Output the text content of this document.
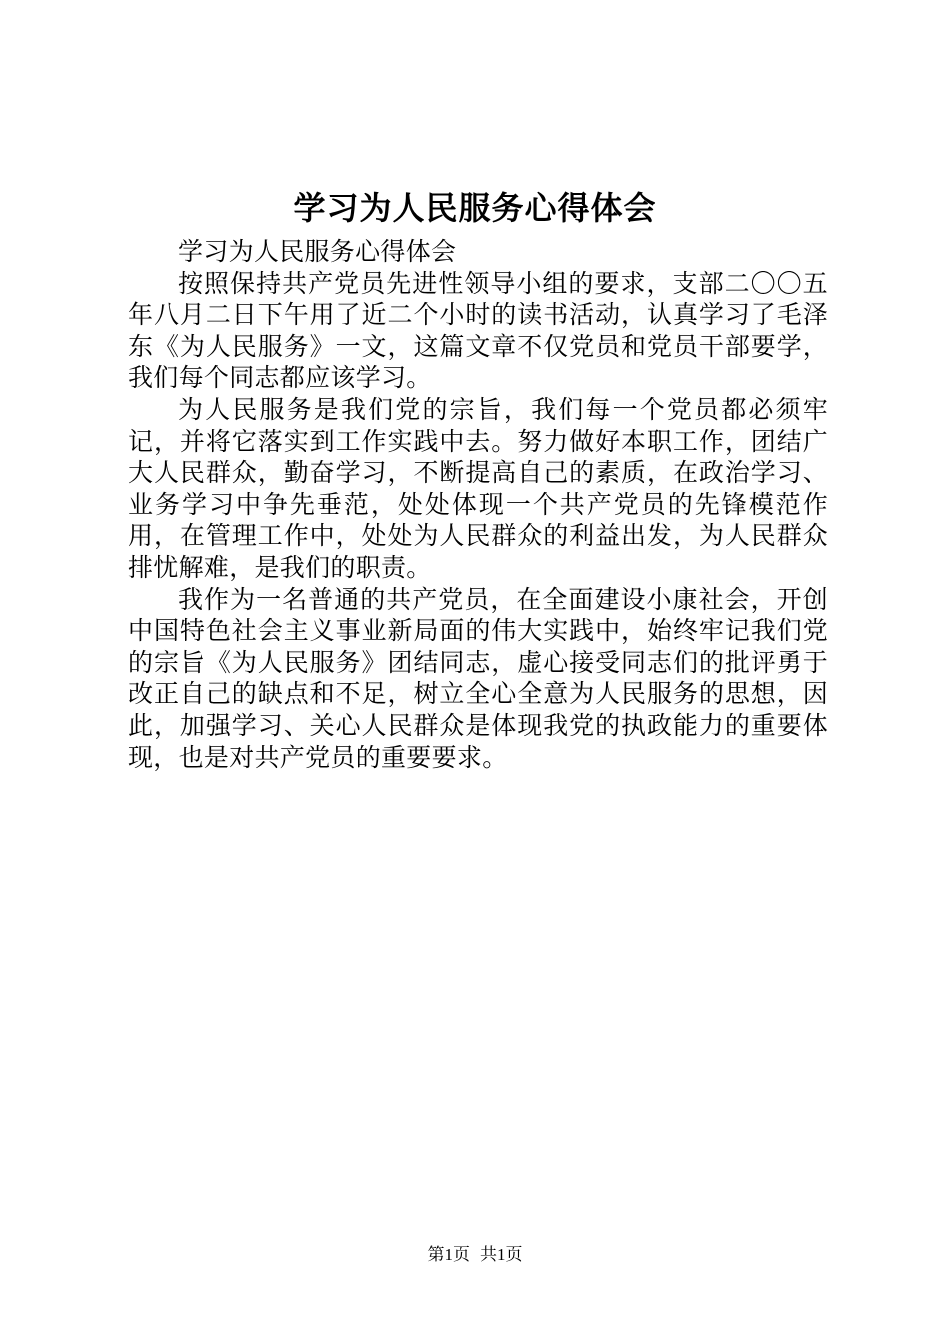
学习为人民服务心得体会

学习为人民服务心得体会

按照保持共产党员先进性领导小组的要求，支部二〇〇五年八月二日下午用了近二个小时的读书活动，认真学习了毛泽东《为人民服务》一文，这篇文章不仅党员和党员干部要学，我们每个同志都应该学习。

为人民服务是我们党的宗旨，我们每一个党员都必须牢记，并将它落实到工作实践中去。努力做好本职工作，团结广大人民群众，勤奋学习，不断提高自己的素质，在政治学习、业务学习中争先垂范，处处体现一个共产党员的先锋模范作用，在管理工作中，处处为人民群众的利益出发，为人民群众排忧解难，是我们的职责。

我作为一名普通的共产党员，在全面建设小康社会，开创中国特色社会主义事业新局面的伟大实践中，始终牢记我们党的宗旨《为人民服务》团结同志，虚心接受同志们的批评勇于改正自己的缺点和不足，树立全心全意为人民服务的思想，因此，加强学习、关心人民群众是体现我党的执政能力的重要体现，也是对共产党员的重要要求。

第1页 共1页
